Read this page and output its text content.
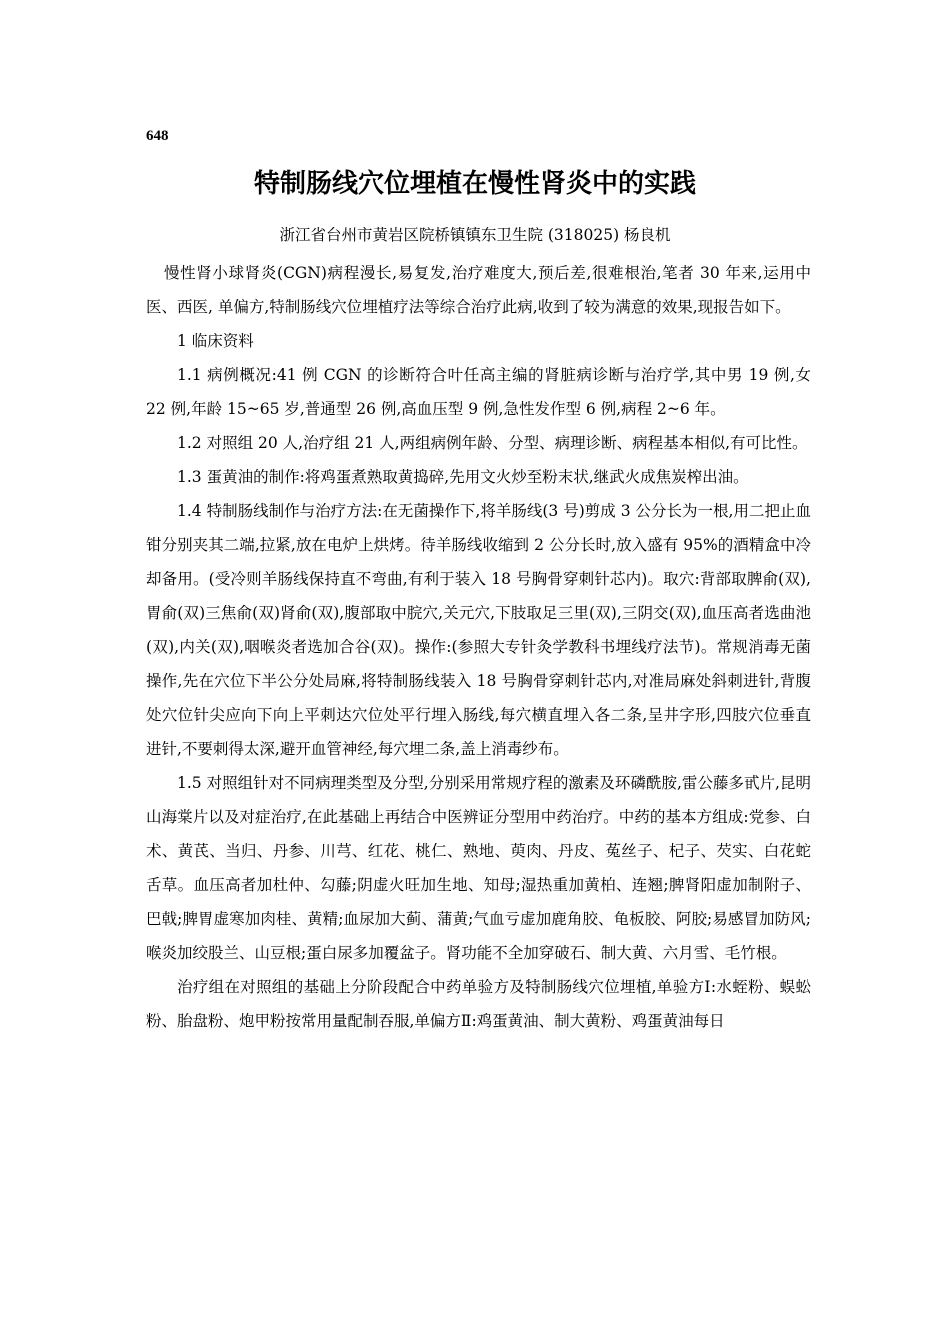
648
特制肠线穴位埋植在慢性肾炎中的实践
浙江省台州市黄岩区院桥镇镇东卫生院 (318025) 杨良机

慢性肾小球肾炎(CGN)病程漫长,易复发,治疗难度大,预后差,很难根治,笔者 30 年来,运用中医、西医, 单偏方,特制肠线穴位埋植疗法等综合治疗此病,收到了较为满意的效果,现报告如下。

1 临床资料

1.1 病例概况:41 例 CGN 的诊断符合叶任高主编的肾脏病诊断与治疗学,其中男 19 例,女 22 例,年龄 15~65 岁,普通型 26 例,高血压型 9 例,急性发作型 6 例,病程 2~6 年。

1.2 对照组 20 人,治疗组 21 人,两组病例年龄、分型、病理诊断、病程基本相似,有可比性。

1.3 蛋黄油的制作:将鸡蛋煮熟取黄捣碎,先用文火炒至粉末状,继武火成焦炭榨出油。

1.4 特制肠线制作与治疗方法:在无菌操作下,将羊肠线(3 号)剪成 3 公分长为一根,用二把止血钳分别夹其二端,拉紧,放在电炉上烘烤。待羊肠线收缩到 2 公分长时,放入盛有 95%的酒精盒中冷却备用。(受冷则羊肠线保持直不弯曲,有利于装入 18 号胸骨穿刺针芯内)。取穴:背部取脾俞(双),胃俞(双)三焦俞(双)肾俞(双),腹部取中脘穴,关元穴,下肢取足三里(双),三阴交(双),血压高者选曲池(双),内关(双),咽喉炎者选加合谷(双)。操作:(参照大专针灸学教科书埋线疗法节)。常规消毒无菌操作,先在穴位下半公分处局麻,将特制肠线装入 18 号胸骨穿刺针芯内,对准局麻处斜刺进针,背腹处穴位针尖应向下向上平刺达穴位处平行埋入肠线,每穴横直埋入各二条,呈井字形,四肢穴位垂直进针,不要刺得太深,避开血管神经,每穴埋二条,盖上消毒纱布。

1.5 对照组针对不同病理类型及分型,分别采用常规疗程的激素及环磷酰胺,雷公藤多甙片,昆明山海棠片以及对症治疗,在此基础上再结合中医辨证分型用中药治疗。中药的基本方组成:党参、白术、黄芪、当归、丹参、川芎、红花、桃仁、熟地、萸肉、丹皮、菟丝子、杞子、芡实、白花蛇舌草。血压高者加杜仲、勾藤;阴虚火旺加生地、知母;湿热重加黄柏、连翘;脾肾阳虚加制附子、巴戟;脾胃虚寒加肉桂、黄精;血尿加大蓟、蒲黄;气血亏虚加鹿角胶、龟板胶、阿胶;易感冒加防风;喉炎加绞股兰、山豆根;蛋白尿多加覆盆子。肾功能不全加穿破石、制大黄、六月雪、毛竹根。

治疗组在对照组的基础上分阶段配合中药单验方及特制肠线穴位埋植,单验方Ⅰ:水蛭粉、蜈蚣粉、胎盘粉、炮甲粉按常用量配制吞服,单偏方Ⅱ:鸡蛋黄油、制大黄粉、鸡蛋黄油每日
